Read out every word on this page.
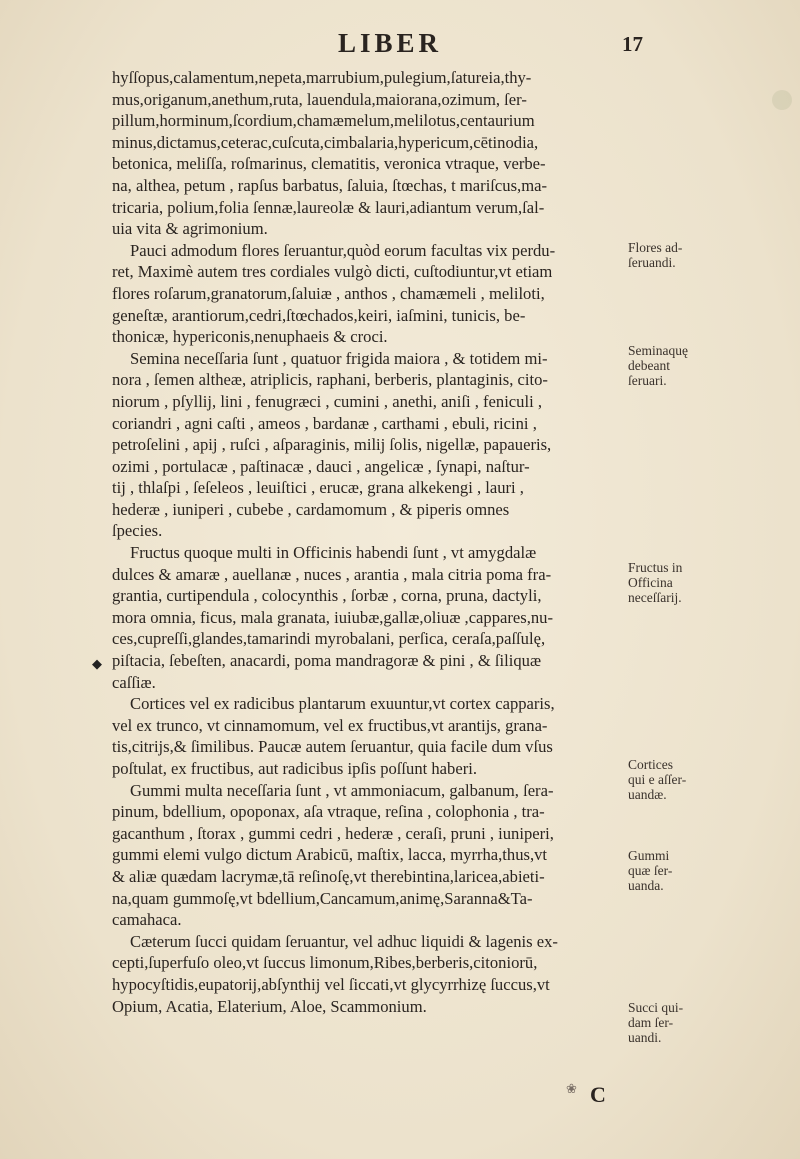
LIBER	17

hyſſopus,calamentum,nepeta,marrubium,pulegium,ſatureia,thy-
mus,origanum,anethum,ruta, lauendula,maiorana,ozimum, ſer-
pillum,horminum,ſcordium,chamæmelum,melilotus,centaurium
minus,dictamus,ceterac,cuſcuta,cimbalaria,hypericum,cētinodia,
betonica, meliſſa, roſmarinus, clematitis, veronica vtraque, verbe-
na, althea, petum , rapſus barbatus, ſaluia, ſtœchas, t mariſcus,ma-
tricaria, polium,folia ſennæ,laureolæ & lauri,adiantum verum,ſal-
uia vita & agrimonium.

Pauci admodum flores ſeruantur,quòd eorum facultas vix perdu-
ret, Maximè autem tres cordiales vulgò dicti, cuſtodiuntur,vt etiam
flores roſarum,granatorum,ſaluiæ , anthos , chamæmeli , meliloti,
geneſtæ, arantiorum,cedri,ſtœchados,keiri, iaſmini, tunicis, be-
thonicæ, hypericonis,nenuphaeis & croci.

Semina neceſſaria ſunt , quatuor frigida maiora , & totidem mi-
nora , ſemen altheæ, atriplicis, raphani, berberis, plantaginis, cito-
niorum , pſyllij, lini , fenugræci , cumini , anethi, aniſi , feniculi ,
coriandri , agni caſti , ameos , bardanæ , carthami , ebuli, ricini ,
petroſelini , apij , ruſci , aſparaginis, milij ſolis, nigellæ, papaueris,
ozimi , portulacæ , paſtinacæ , dauci , angelicæ , ſynapi, naſtur-
tij , thlaſpi , ſeſeleos , leuiſtici , erucæ, grana alkekengi , lauri ,
hederæ , iuniperi , cubebe , cardamomum , & piperis omnes
ſpecies.

Fructus quoque multi in Officinis habendi ſunt , vt amygdalæ
dulces & amaræ , auellanæ , nuces , arantia , mala citria poma fra-
grantia, curtipendula , colocynthis , ſorbæ , corna, pruna, dactyli,
mora omnia, ficus, mala granata, iuiubæ,gallæ,oliuæ ,cappares,nu-
ces,cupreſſi,glandes,tamarindi myrobalani, perſica, ceraſa,paſſulę,
piſtacia, ſebeſten, anacardi, poma mandragoræ & pini , & ſiliquæ
caſſiæ.

Cortices vel ex radicibus plantarum exuuntur,vt cortex capparis,
vel ex trunco, vt cinnamomum, vel ex fructibus,vt arantijs, grana-
tis,citrijs,& ſimilibus. Paucæ autem ſeruantur, quia facile dum vſus
poſtulat, ex fructibus, aut radicibus ipſis poſſunt haberi.

Gummi multa neceſſaria ſunt , vt ammoniacum, galbanum, ſera-
pinum, bdellium, opoponax, aſa vtraque, reſina , colophonia , tra-
gacanthum , ſtorax , gummi cedri , hederæ , ceraſi, pruni , iuniperi,
gummi elemi vulgo dictum Arabicū, maſtix, lacca, myrrha,thus,vt
& aliæ quædam lacrymæ,tā reſinoſę,vt therebintina,laricea,abieti-
na,quam gummoſę,vt bdellium,Cancamum,animę,Saranna&Ta-
camahaca.

Cæterum ſucci quidam ſeruantur, vel adhuc liquidi & lagenis ex-
cepti,ſuperfuſo oleo,vt ſuccus limonum,Ribes,berberis,citoniorū,
hypocyſtidis,eupatorij,abſynthij vel ſiccati,vt glycyrrhizę ſuccus,vt
Opium, Acatia, Elaterium, Aloe, Scammonium.

Flores ad-
ſeruandi.
Seminaquę
debeant
ſeruari.
Fructus in
Officina
neceſſarij.
Cortices
qui e aſſer-
uandæ.
Gummi
quæ ſer-
uanda.
Succi qui-
dam ſer-
uandi.
◆
❀ C
